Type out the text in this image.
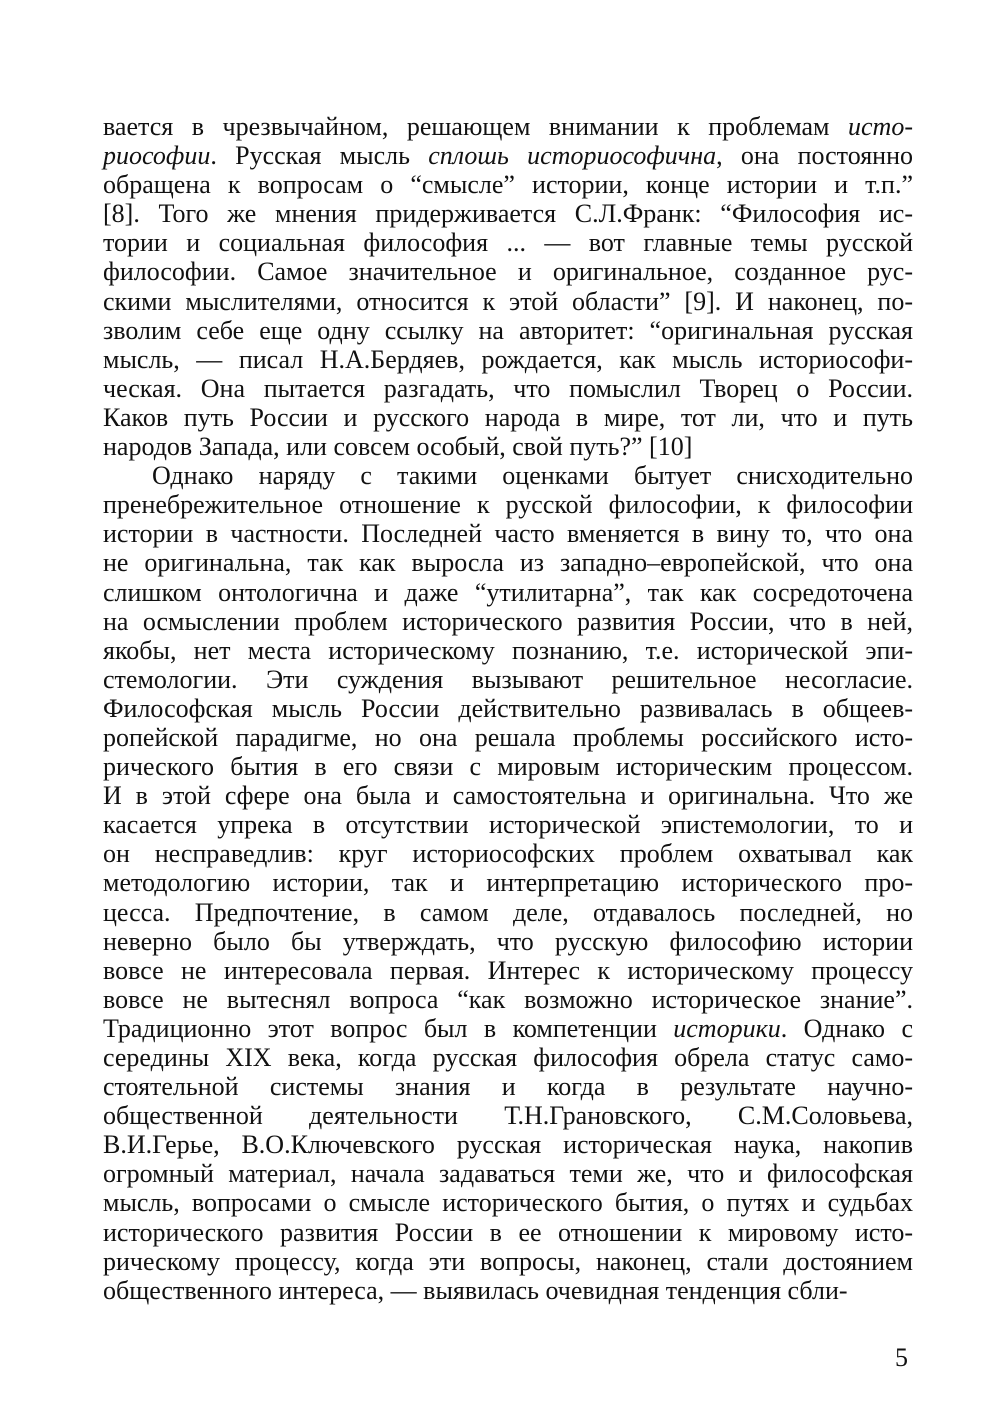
вается в чрезвычайном, решающем внимании к проблемам исто-
риософии. Русская мысль сплошь историософична, она постоянно
обращена к вопросам о “смысле” истории, конце истории и т.п.”
[8]. Того же мнения придерживается С.Л.Франк: “Философия ис-
тории и социальная философия ... — вот главные темы русской
философии. Самое значительное и оригинальное, созданное рус-
скими мыслителями, относится к этой области” [9]. И наконец, по-
зволим себе еще одну ссылку на авторитет: “оригинальная русская
мысль, — писал Н.А.Бердяев, рождается, как мысль историософи-
ческая. Она пытается разгадать, что помыслил Творец о России.
Каков путь России и русского народа в мире, тот ли, что и путь
народов Запада, или совсем особый, свой путь?” [10]
Однако наряду с такими оценками бытует снисходительно
пренебрежительное отношение к русской философии, к философии
истории в частности. Последней часто вменяется в вину то, что она
не оригинальна, так как выросла из западно–европейской, что она
слишком онтологична и даже “утилитарна”, так как сосредоточена
на осмыслении проблем исторического развития России, что в ней,
якобы, нет места историческому познанию, т.е. исторической эпи-
стемологии. Эти суждения вызывают решительное несогласие.
Философская мысль России действительно развивалась в общеев-
ропейской парадигме, но она решала проблемы российского исто-
рического бытия в его связи с мировым историческим процессом.
И в этой сфере она была и самостоятельна и оригинальна. Что же
касается упрека в отсутствии исторической эпистемологии, то и
он несправедлив: круг историософских проблем охватывал как
методологию истории, так и интерпретацию исторического про-
цесса. Предпочтение, в самом деле, отдавалось последней, но
неверно было бы утверждать, что русскую философию истории
вовсе не интересовала первая. Интерес к историческому процессу
вовсе не вытеснял вопроса “как возможно историческое знание”.
Традиционно этот вопрос был в компетенции историки. Однако с
середины XIX века, когда русская философия обрела статус само-
стоятельной системы знания и когда в результате научно-
общественной деятельности Т.Н.Грановского, С.М.Соловьева,
В.И.Герье, В.О.Ключевского русская историческая наука, накопив
огромный материал, начала задаваться теми же, что и философская
мысль, вопросами о смысле исторического бытия, о путях и судьбах
исторического развития России в ее отношении к мировому исто-
рическому процессу, когда эти вопросы, наконец, стали достоянием
общественного интереса, — выявилась очевидная тенденция сбли-
5
